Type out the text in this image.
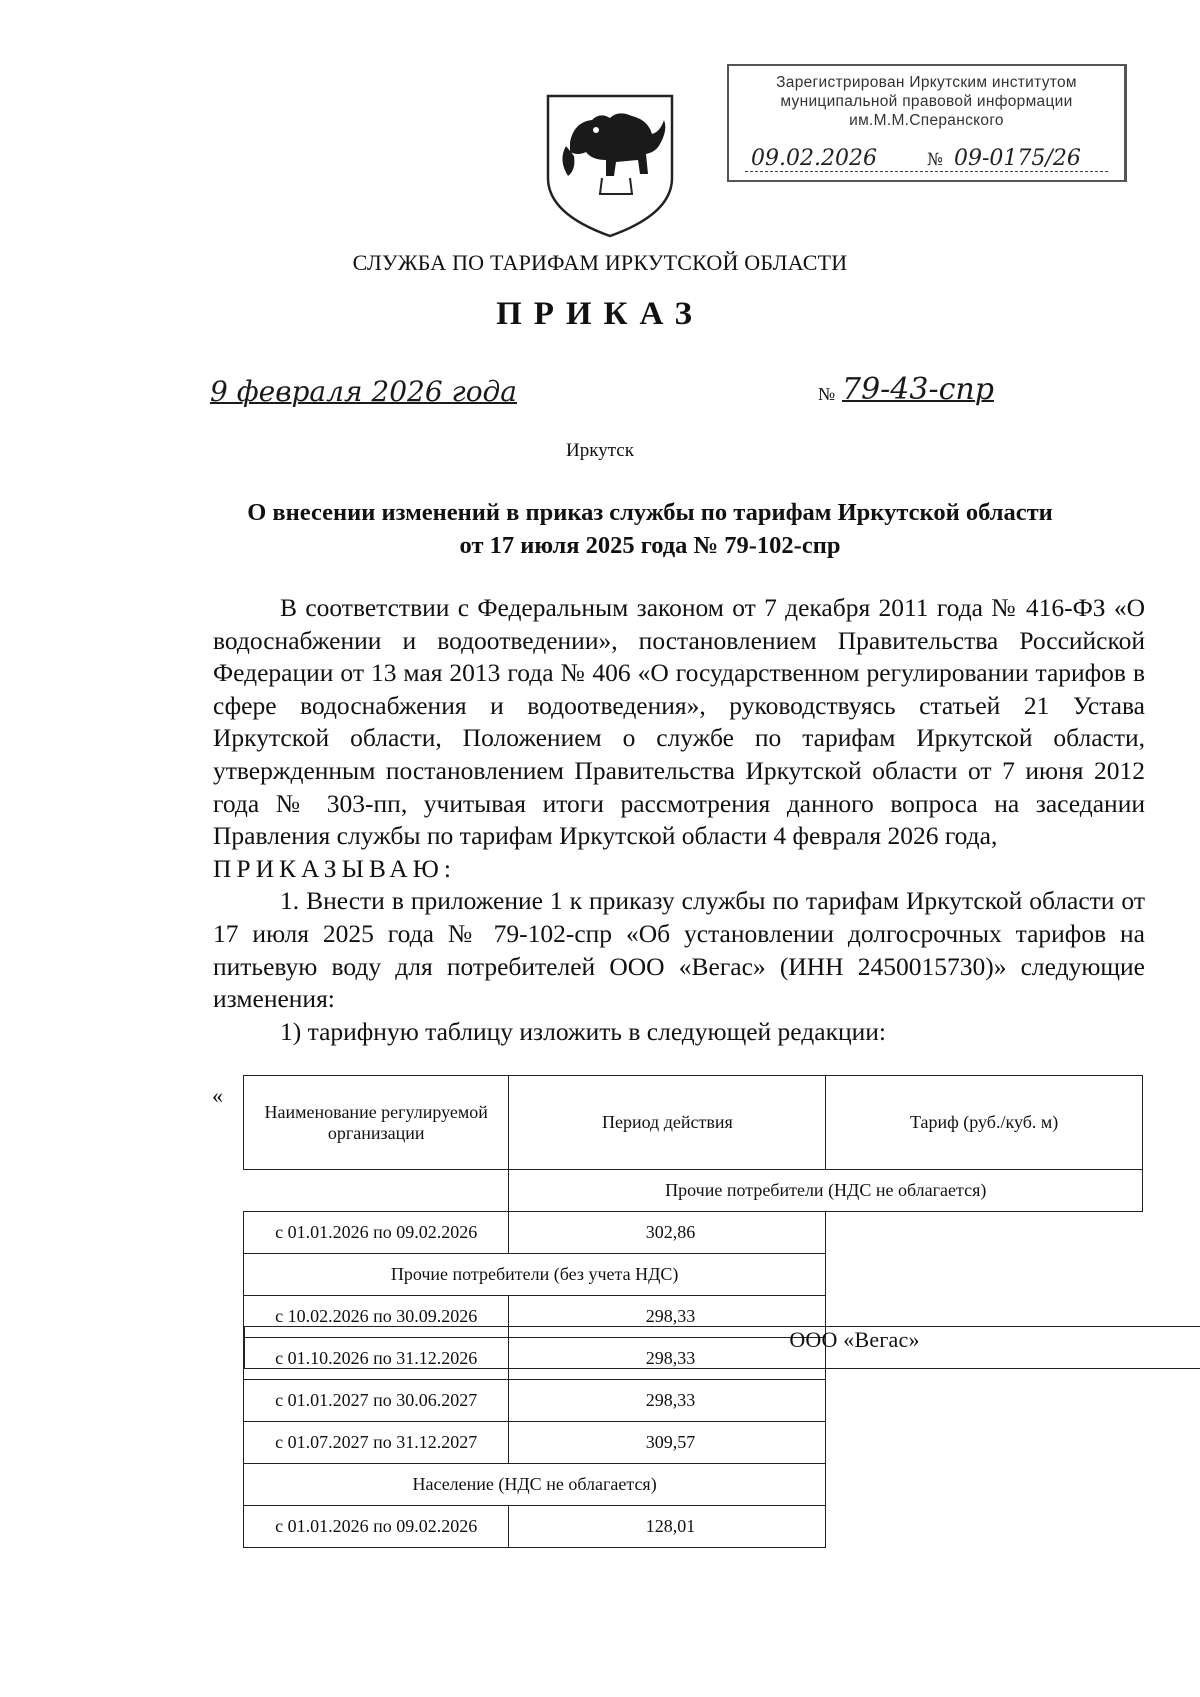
Зарегистрирован Иркутским институтом
муниципальной правовой информации
им.М.М.Сперанского
09.02.2026	№ 09-0175/26
СЛУЖБА ПО ТАРИФАМ ИРКУТСКОЙ ОБЛАСТИ
ПРИКАЗ
9 февраля 2026 года	№ 79-43-спр
Иркутск
О внесении изменений в приказ службы по тарифам Иркутской области
от 17 июля 2025 года № 79-102-спр

В соответствии с Федеральным законом от 7 декабря 2011 года № 416-ФЗ «О водоснабжении и водоотведении», постановлением Правительства Российской Федерации от 13 мая 2013 года № 406 «О государственном регулировании тарифов в сфере водоснабжения и водоотведения», руководствуясь статьей 21 Устава Иркутской области, Положением о службе по тарифам Иркутской области, утвержденным постановлением Правительства Иркутской области от 7 июня 2012 года № 303-пп, учитывая итоги рассмотрения данного вопроса на заседании Правления службы по тарифам Иркутской области 4 февраля 2026 года,

ПРИКАЗЫВАЮ:

1. Внести в приложение 1 к приказу службы по тарифам Иркутской области от 17 июля 2025 года № 79-102-спр «Об установлении долгосрочных тарифов на питьевую воду для потребителей ООО «Вегас» (ИНН 2450015730)» следующие изменения:

1) тарифную таблицу изложить в следующей редакции:

«
Наименование регулируемой организации	Период действия	Тариф (руб./куб. м)

ООО «Вегас»
Прочие потребители (НДС не облагается)	
с 01.01.2026 по 09.02.2026	302,86	
Прочие потребители (без учета НДС)		
с 10.02.2026 по 30.09.2026	298,33	
с 01.10.2026 по 31.12.2026	298,33	
с 01.01.2027 по 30.06.2027	298,33	
с 01.07.2027 по 31.12.2027	309,57	
Население (НДС не облагается)		
с 01.01.2026 по 09.02.2026	128,01	
